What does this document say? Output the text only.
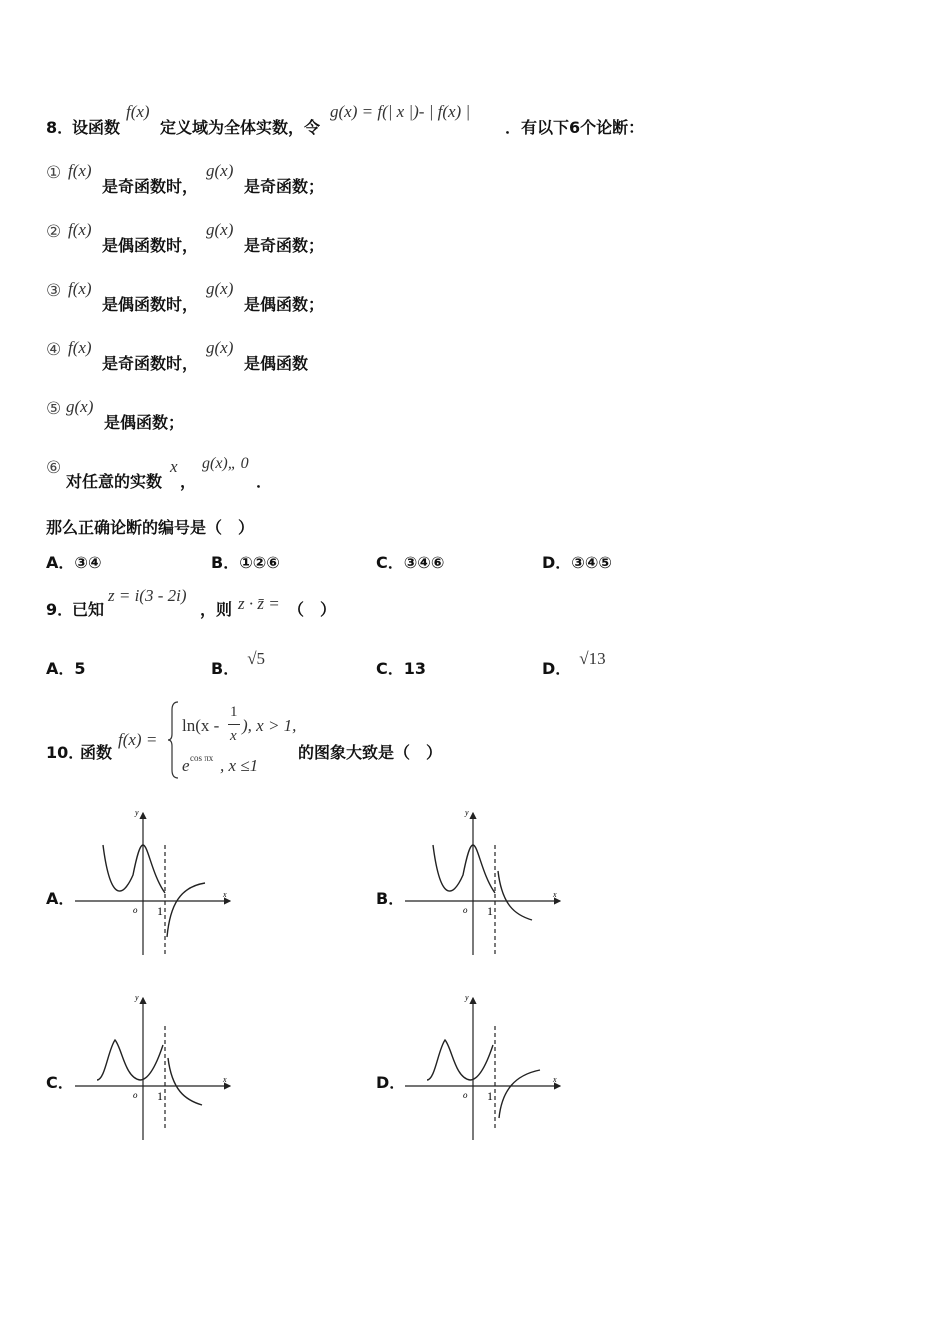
8．
设函数
f(x)
定义域为全体实数，令
g(x) = f(| x |)- | f(x) |
．有以下6个论断：
① f(x)
是奇函数时，
g(x)
是奇函数；
② f(x)
是偶函数时，
g(x)
是奇函数；
③ f(x)
是偶函数时，
g(x)
是偶函数；
④ f(x)
是奇函数时，
g(x)
是偶函数
⑤ g(x)
是偶函数；
⑥
对任意的实数
x
，
g(x)„ 0
．
那么正确论断的编号是（　）
A．③④	B．①②⑥	C．③④⑥	D．③④⑤
9．
已知
z = i(3 - 2i)
，则 z · z̄ = （　）
A．5	B．√5
C．13	D．√13
10．
函数
f(x) =
ln(x -
1
x
), x > 1,
e cos πx , x ≤1
的图象大致是（　）
A．	B．
C．	D．
y
x
o 1
y
x
o 1
y
x
o 1
y
x
o 1
